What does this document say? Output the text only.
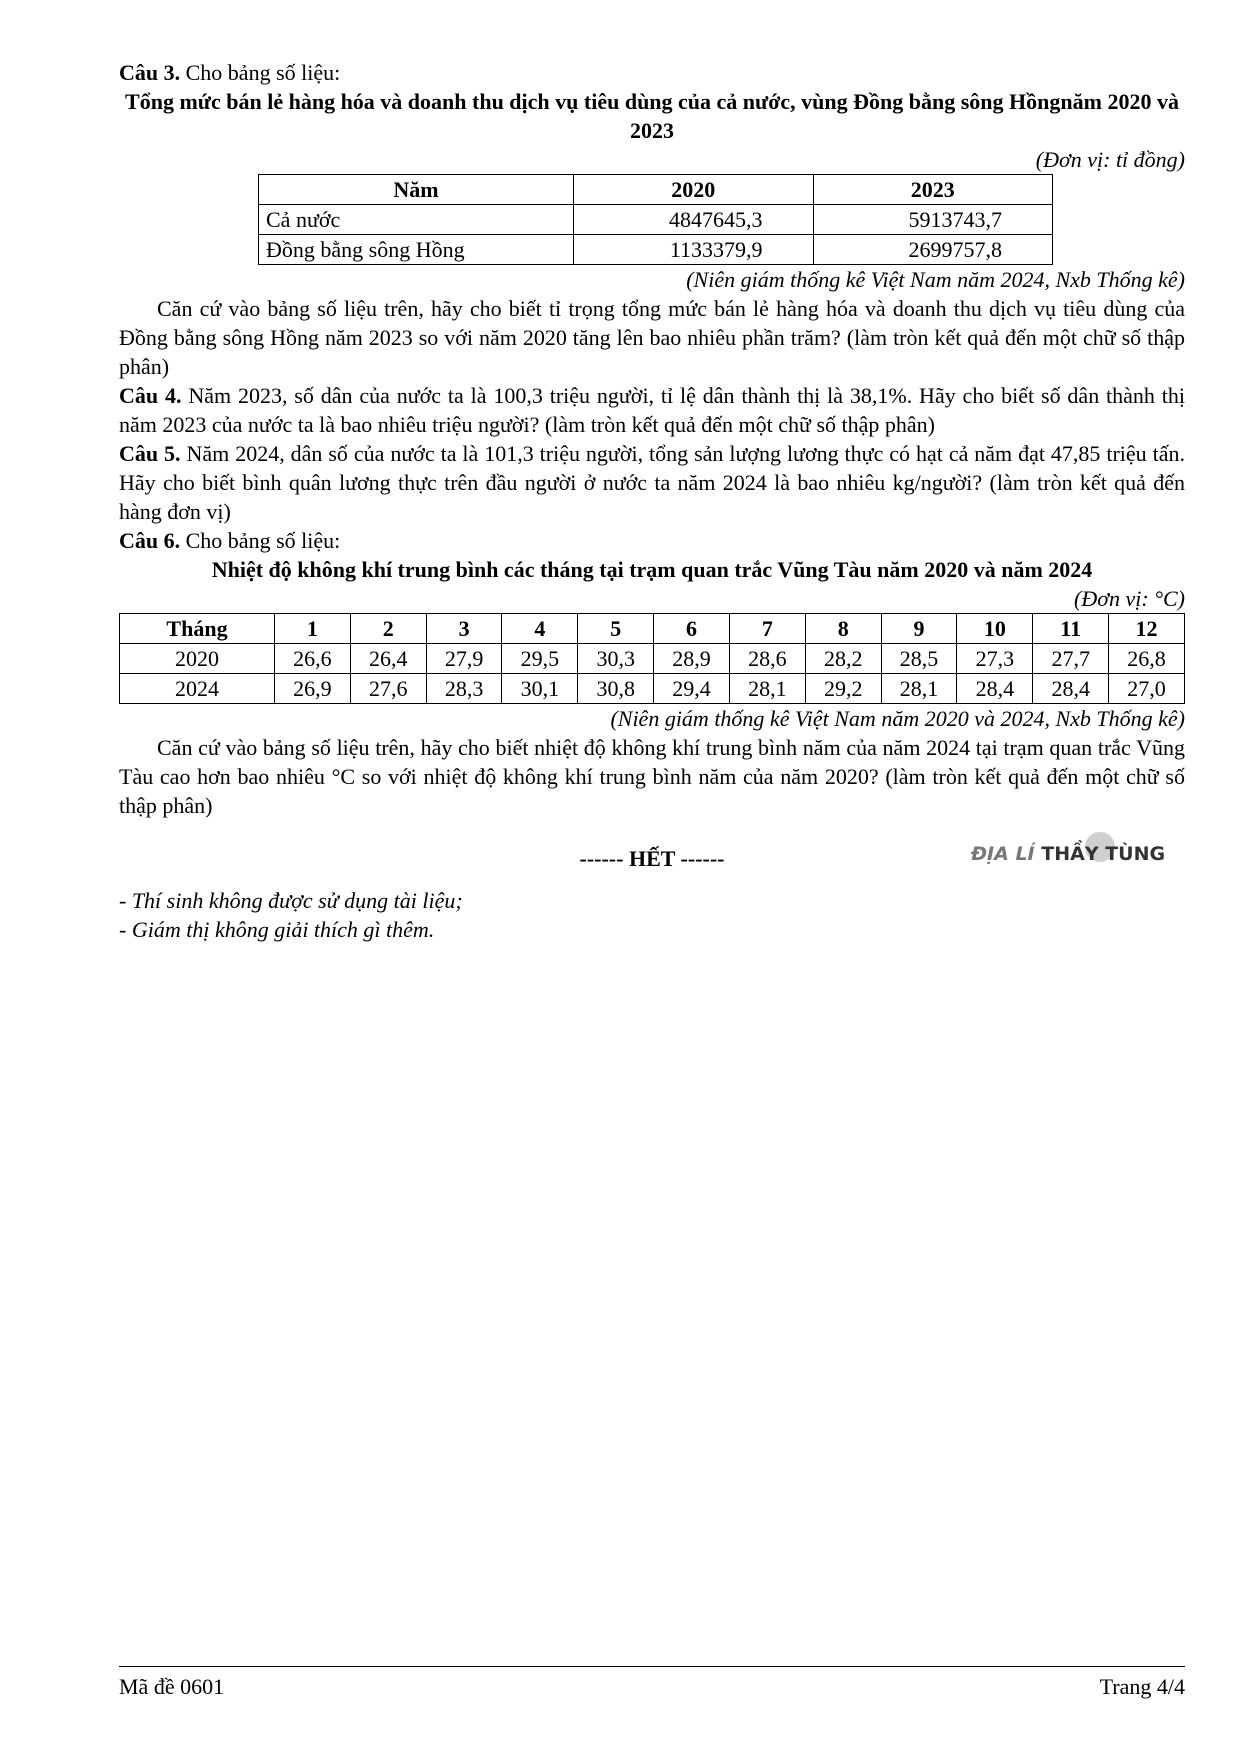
Câu 3. Cho bảng số liệu:

Tổng mức bán lẻ hàng hóa và doanh thu dịch vụ tiêu dùng của cả nước, vùng Đồng bằng sông Hồngnăm 2020 và 2023

(Đơn vị: tỉ đồng)

Năm	2020	2023
Cả nước	4847645,3	5913743,7
Đồng bằng sông Hồng	1133379,9	2699757,8

(Niên giám thống kê Việt Nam năm 2024, Nxb Thống kê)

Căn cứ vào bảng số liệu trên, hãy cho biết tỉ trọng tổng mức bán lẻ hàng hóa và doanh thu dịch vụ tiêu dùng của Đồng bằng sông Hồng năm 2023 so với năm 2020 tăng lên bao nhiêu phần trăm? (làm tròn kết quả đến một chữ số thập phân)

Câu 4. Năm 2023, số dân của nước ta là 100,3 triệu người, tỉ lệ dân thành thị là 38,1%. Hãy cho biết số dân thành thị năm 2023 của nước ta là bao nhiêu triệu người? (làm tròn kết quả đến một chữ số thập phân)

Câu 5. Năm 2024, dân số của nước ta là 101,3 triệu người, tổng sản lượng lương thực có hạt cả năm đạt 47,85 triệu tấn. Hãy cho biết bình quân lương thực trên đầu người ở nước ta năm 2024 là bao nhiêu kg/người? (làm tròn kết quả đến hàng đơn vị)

Câu 6. Cho bảng số liệu:

Nhiệt độ không khí trung bình các tháng tại trạm quan trắc Vũng Tàu năm 2020 và năm 2024

(Đơn vị: °C)

Tháng	1	2	3	4	5	6	7	8	9	10	11	12
2020	26,6	26,4	27,9	29,5	30,3	28,9	28,6	28,2	28,5	27,3	27,7	26,8
2024	26,9	27,6	28,3	30,1	30,8	29,4	28,1	29,2	28,1	28,4	28,4	27,0

(Niên giám thống kê Việt Nam năm 2020 và 2024, Nxb Thống kê)

Căn cứ vào bảng số liệu trên, hãy cho biết nhiệt độ không khí trung bình năm của năm 2024 tại trạm quan trắc Vũng Tàu cao hơn bao nhiêu °C so với nhiệt độ không khí trung bình năm của năm 2020? (làm tròn kết quả đến một chữ số thập phân)

ĐỊA LÍ THẦY TÙNG
------ HẾT ------

- Thí sinh không được sử dụng tài liệu;

- Giám thị không giải thích gì thêm.

Mã đề 0601	Trang 4/4
